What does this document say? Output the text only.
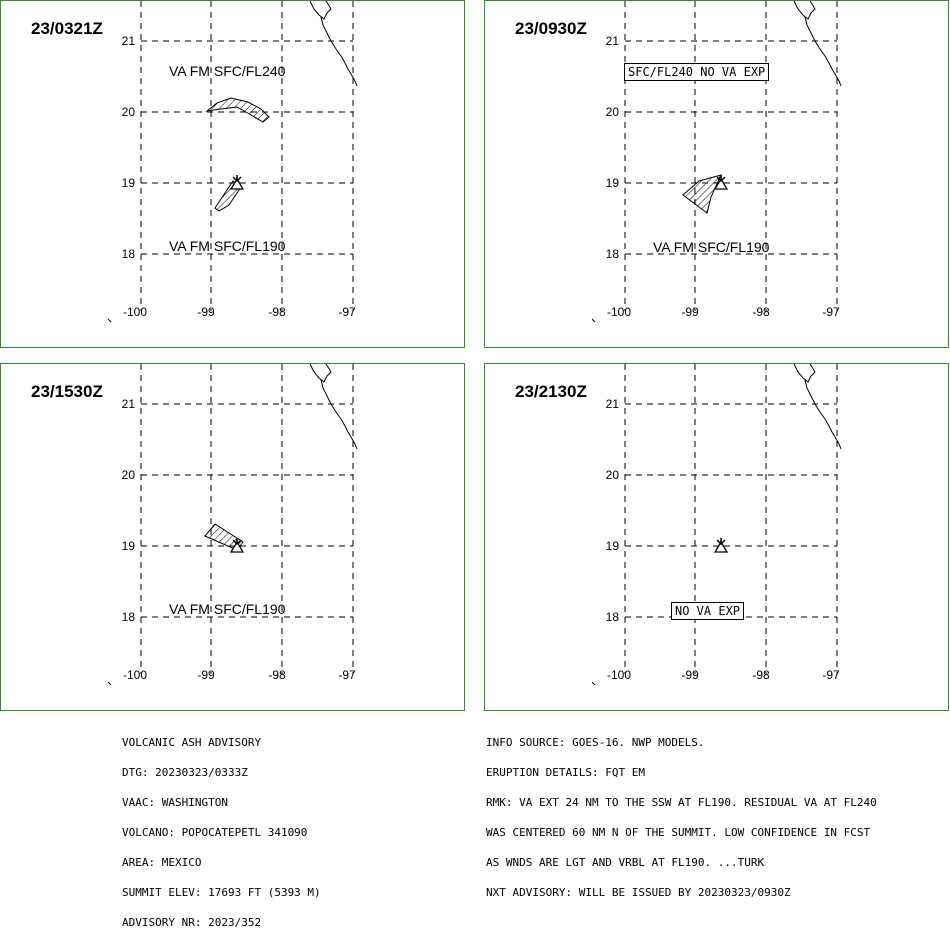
21
20
19
18
-100	-99	-98	-97
VA FM SFC/FL240
VA FM SFC/FL190
23/0321Z
21
20
19
18
-100	-99	-98	-97
VA FM SFC/FL190
23/0930Z
SFC/FL240 NO VA EXP
21
20
19
18
-100	-99	-98	-97
VA FM SFC/FL190
23/1530Z
21
20
19
18
-100	-99	-98	-97
23/2130Z
NO VA EXP

VOLCANIC ASH ADVISORY

DTG: 20230323/0333Z

VAAC: WASHINGTON

VOLCANO: POPOCATEPETL 341090

AREA: MEXICO

SUMMIT ELEV: 17693 FT (5393 M)

ADVISORY NR: 2023/352

INFO SOURCE: GOES-16. NWP MODELS.

ERUPTION DETAILS: FQT EM

RMK: VA EXT 24 NM TO THE SSW AT FL190. RESIDUAL VA AT FL240

WAS CENTERED 60 NM N OF THE SUMMIT. LOW CONFIDENCE IN FCST

AS WNDS ARE LGT AND VRBL AT FL190. ...TURK

NXT ADVISORY: WILL BE ISSUED BY 20230323/0930Z
